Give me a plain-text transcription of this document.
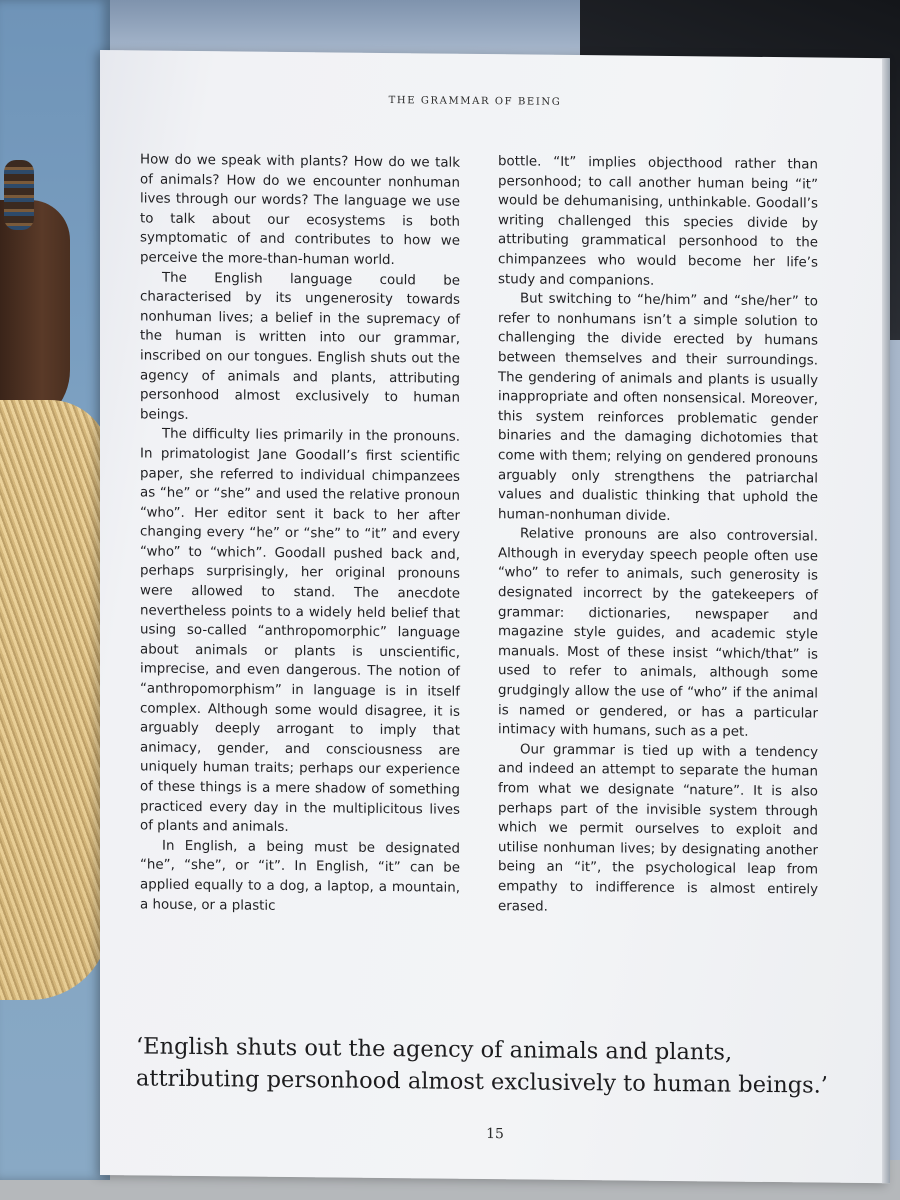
THE GRAMMAR OF BEING

How do we speak with plants? How do we talk of animals? How do we encounter nonhuman lives through our words? The language we use to talk about our ecosystems is both symptomatic of and contributes to how we perceive the more-than-human world.

The English language could be characterised by its ungenerosity towards nonhuman lives; a belief in the supremacy of the human is written into our grammar, inscribed on our tongues. English shuts out the agency of animals and plants, attributing personhood almost exclusively to human beings.

The difficulty lies primarily in the pronouns. In primatologist Jane Goodall’s first scientific paper, she referred to individual chimpanzees as “he” or “she” and used the relative pronoun “who”. Her editor sent it back to her after changing every “he” or “she” to “it” and every “who” to “which”. Goodall pushed back and, perhaps surprisingly, her original pronouns were allowed to stand. The anecdote nevertheless points to a widely held belief that using so-called “anthropomorphic” language about animals or plants is unscientific, imprecise, and even dangerous. The notion of “anthropomorphism” in language is in itself complex. Although some would disagree, it is arguably deeply arrogant to imply that animacy, gender, and consciousness are uniquely human traits; perhaps our experience of these things is a mere shadow of something practiced every day in the multiplicitous lives of plants and animals.

In English, a being must be designated “he”, “she”, or “it”. In English, “it” can be applied equally to a dog, a laptop, a mountain, a house, or a plastic

bottle. “It” implies objecthood rather than personhood; to call another human being “it” would be dehumanising, unthinkable. Goodall’s writing challenged this species divide by attributing grammatical personhood to the chimpanzees who would become her life’s study and companions.

But switching to “he/him” and “she/her” to refer to nonhumans isn’t a simple solution to challenging the divide erected by humans between themselves and their surroundings. The gendering of animals and plants is usually inappropriate and often nonsensical. Moreover, this system reinforces problematic gender binaries and the damaging dichotomies that come with them; relying on gendered pronouns arguably only strengthens the patriarchal values and dualistic thinking that uphold the human-nonhuman divide.

Relative pronouns are also controversial. Although in everyday speech people often use “who” to refer to animals, such generosity is designated incorrect by the gatekeepers of grammar: dictionaries, newspaper and magazine style guides, and academic style manuals. Most of these insist “which/that” is used to refer to animals, although some grudgingly allow the use of “who” if the animal is named or gendered, or has a particular intimacy with humans, such as a pet.

Our grammar is tied up with a tendency and indeed an attempt to separate the human from what we designate “nature”. It is also perhaps part of the invisible system through which we permit ourselves to exploit and utilise nonhuman lives; by designating another being an “it”, the psychological leap from empathy to indifference is almost entirely erased.

‘English shuts out the agency of animals and plants, attributing personhood almost exclusively to human beings.’
15
